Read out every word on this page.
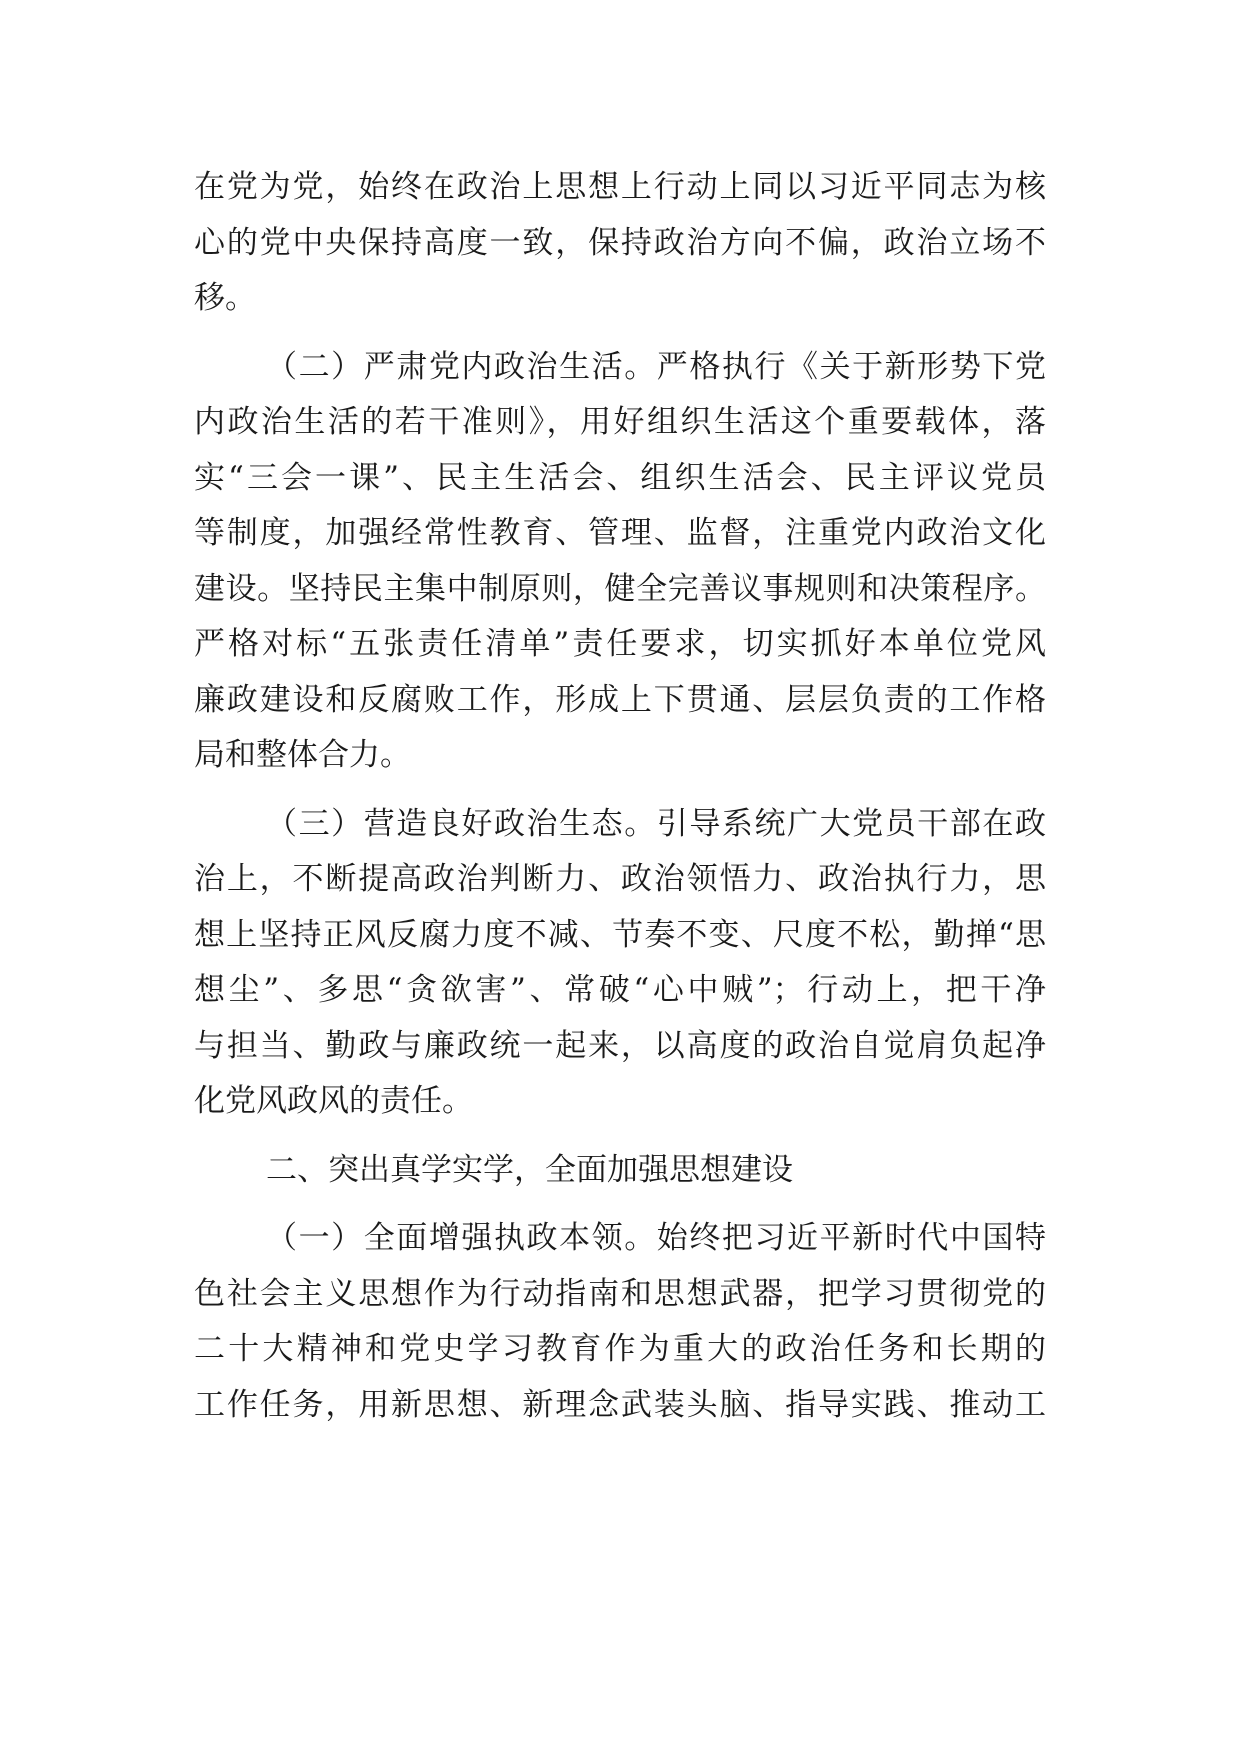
在党为党，始终在政治上思想上行动上同以习近平同志为核
心的党中央保持高度一致，保持政治方向不偏，政治立场不
移。
（二）严肃党内政治生活。严格执行《关于新形势下党
内政治生活的若干准则》，用好组织生活这个重要载体，落
实“三会一课”、民主生活会、组织生活会、民主评议党员
等制度，加强经常性教育、管理、监督，注重党内政治文化
建设。坚持民主集中制原则，健全完善议事规则和决策程序。
严格对标“五张责任清单”责任要求，切实抓好本单位党风
廉政建设和反腐败工作，形成上下贯通、层层负责的工作格
局和整体合力。
（三）营造良好政治生态。引导系统广大党员干部在政
治上，不断提高政治判断力、政治领悟力、政治执行力，思
想上坚持正风反腐力度不减、节奏不变、尺度不松，勤掸“思
想尘”、多思“贪欲害”、常破“心中贼”；行动上，把干净
与担当、勤政与廉政统一起来，以高度的政治自觉肩负起净
化党风政风的责任。
二、突出真学实学，全面加强思想建设
（一）全面增强执政本领。始终把习近平新时代中国特
色社会主义思想作为行动指南和思想武器，把学习贯彻党的
二十大精神和党史学习教育作为重大的政治任务和长期的
工作任务，用新思想、新理念武装头脑、指导实践、推动工
